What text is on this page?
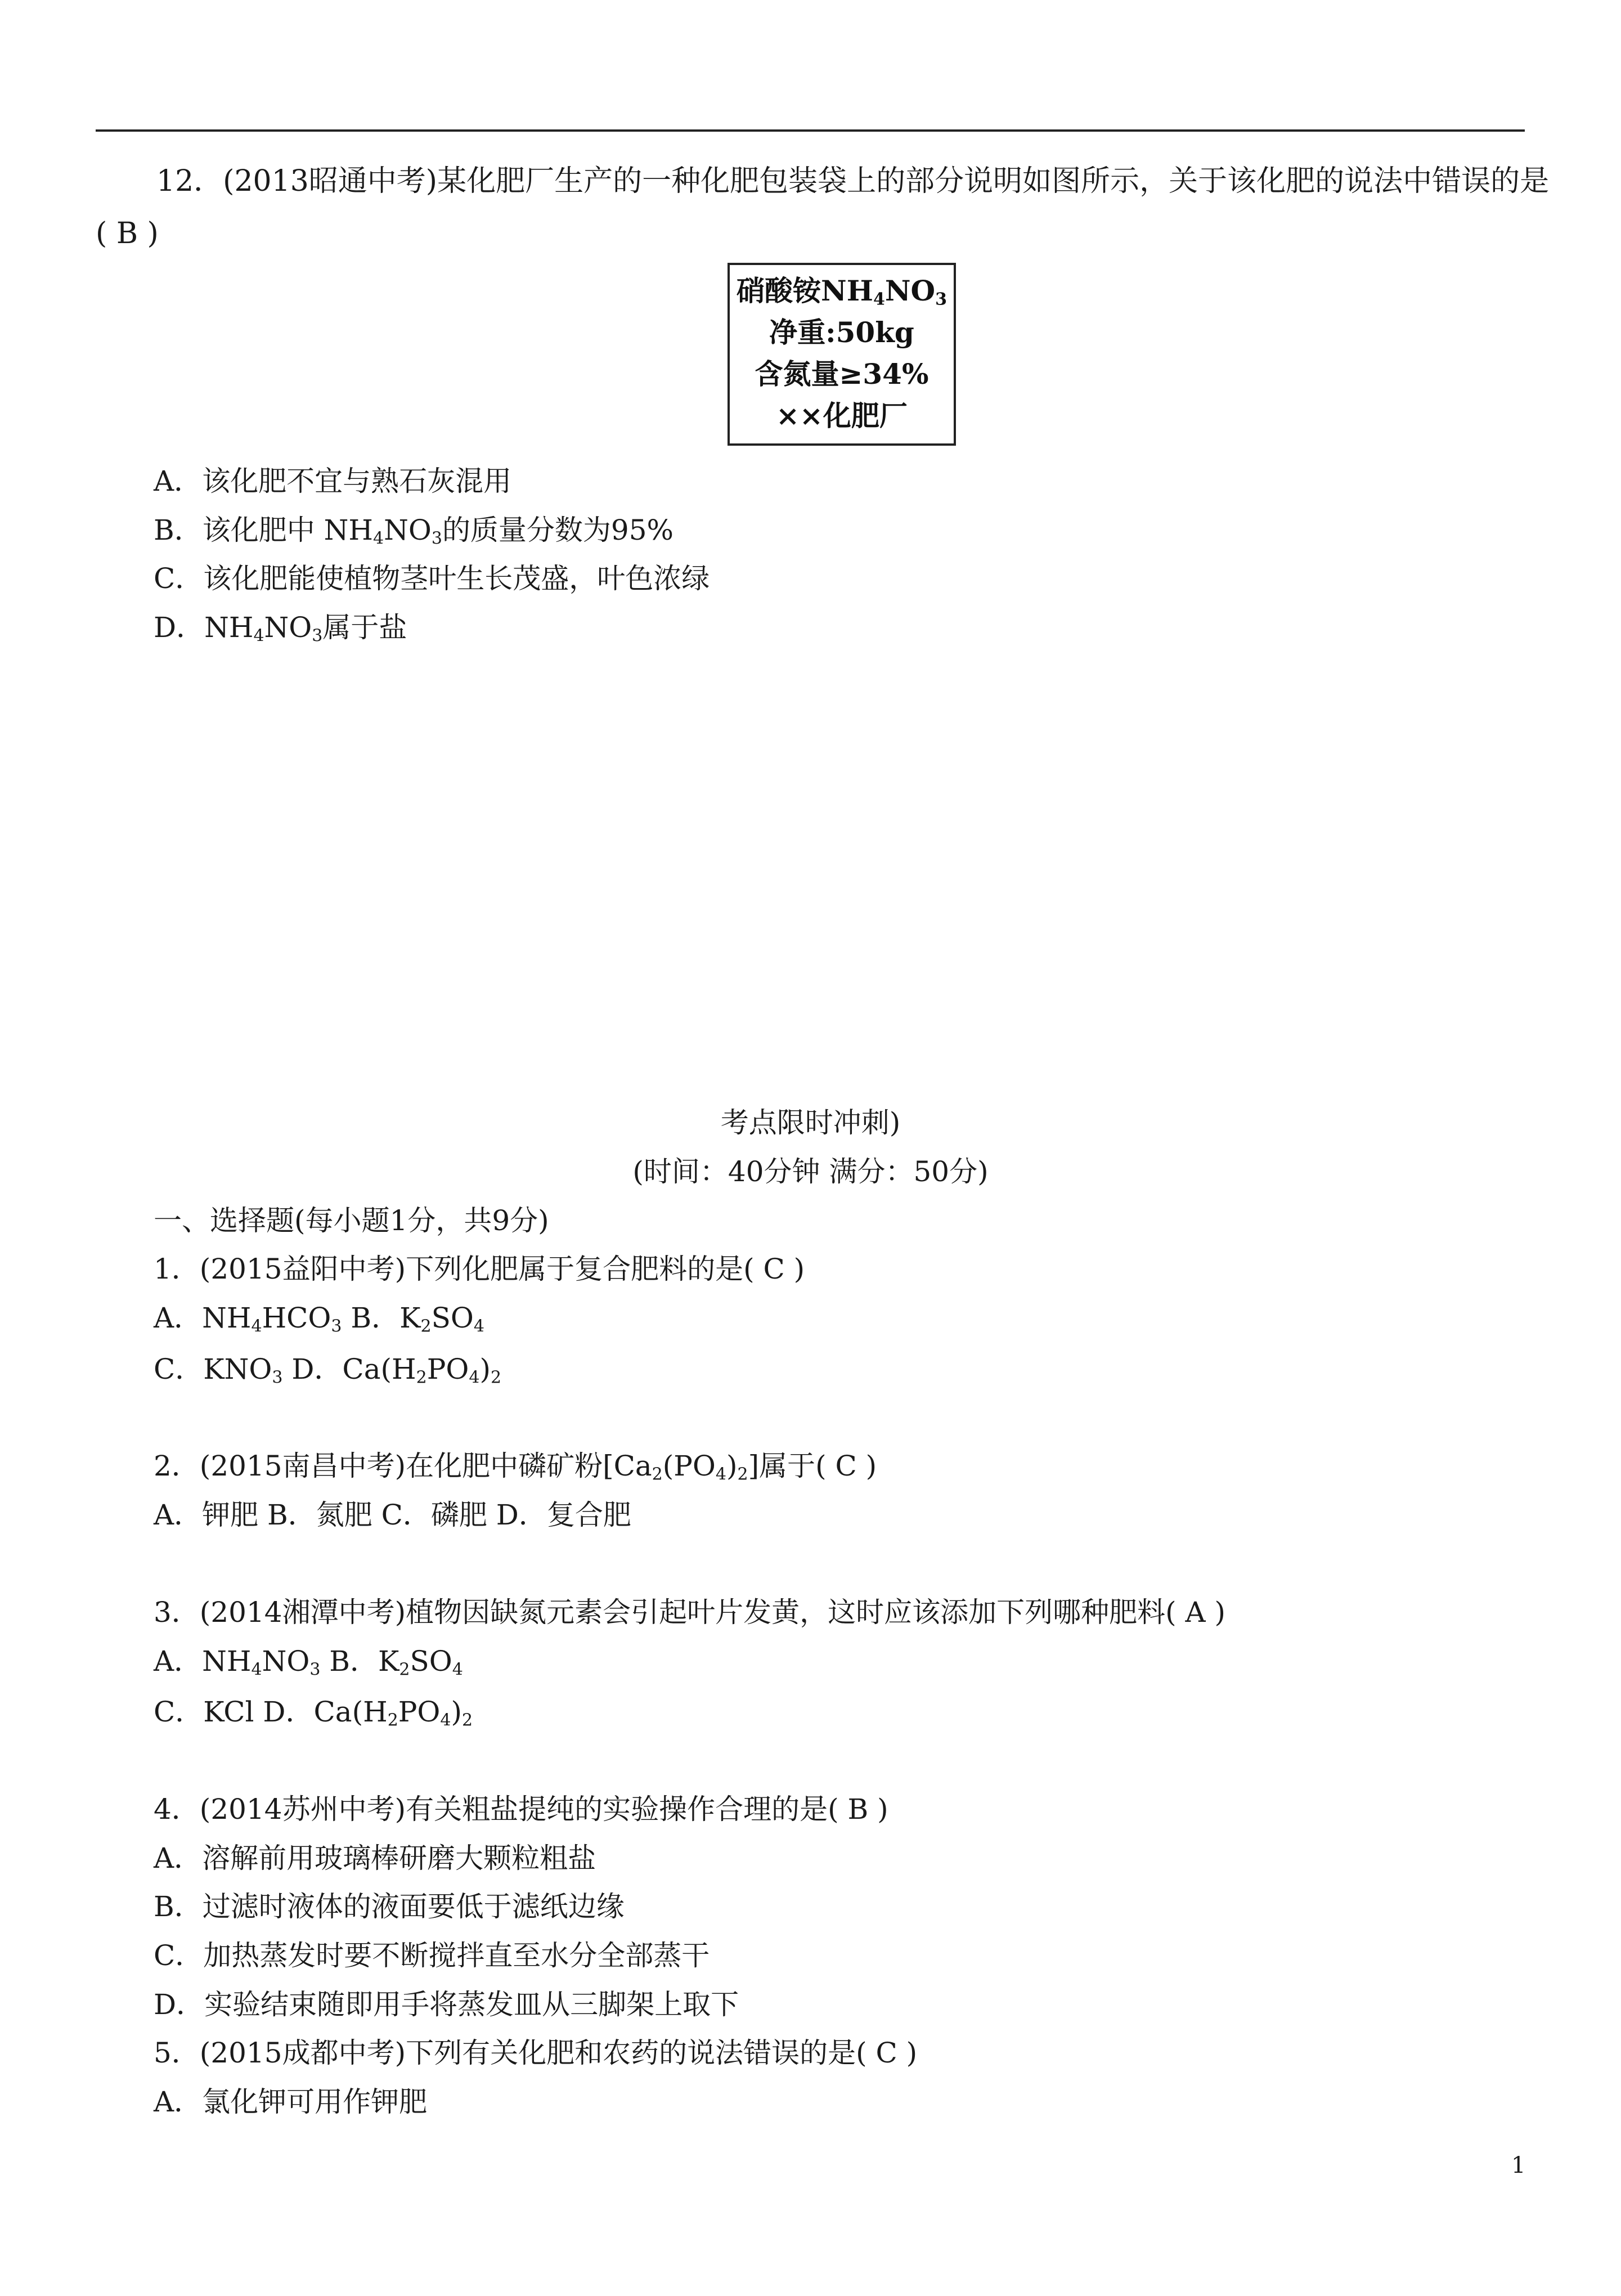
12．(2013昭通中考)某化肥厂生产的一种化肥包装袋上的部分说明如图所示，关于该化肥的说法中错误的是
( B )
硝酸铵$NH_4NO_3$
净重:50kg
含氮量≥34%
××化肥厂
A．该化肥不宜与熟石灰混用
B．该化肥中 $NH_4NO_3$的质量分数为95%
C．该化肥能使植物茎叶生长茂盛，叶色浓绿
D．$NH_4NO_3$属于盐
考点限时冲刺)
(时间：40分钟 满分：50分)
一、选择题(每小题1分，共9分)
1．(2015益阳中考)下列化肥属于复合肥料的是( C )
A．$NH_4HCO_3$ B．$K_2SO_4$
C．$KNO_3$ D．$Ca(H_2PO_4)_2$
2．(2015南昌中考)在化肥中磷矿粉$[Ca_2(PO_4)_2]$属于( C )
A．钾肥 B．氮肥 C．磷肥 D．复合肥
3．(2014湘潭中考)植物因缺氮元素会引起叶片发黄，这时应该添加下列哪种肥料( A )
A．$NH_4NO_3$ B．$K_2SO_4$
C．KCl D．$Ca(H_2PO_4)_2$
4．(2014苏州中考)有关粗盐提纯的实验操作合理的是( B )
A．溶解前用玻璃棒研磨大颗粒粗盐
B．过滤时液体的液面要低于滤纸边缘
C．加热蒸发时要不断搅拌直至水分全部蒸干
D．实验结束随即用手将蒸发皿从三脚架上取下
5．(2015成都中考)下列有关化肥和农药的说法错误的是( C )
A．氯化钾可用作钾肥
1
